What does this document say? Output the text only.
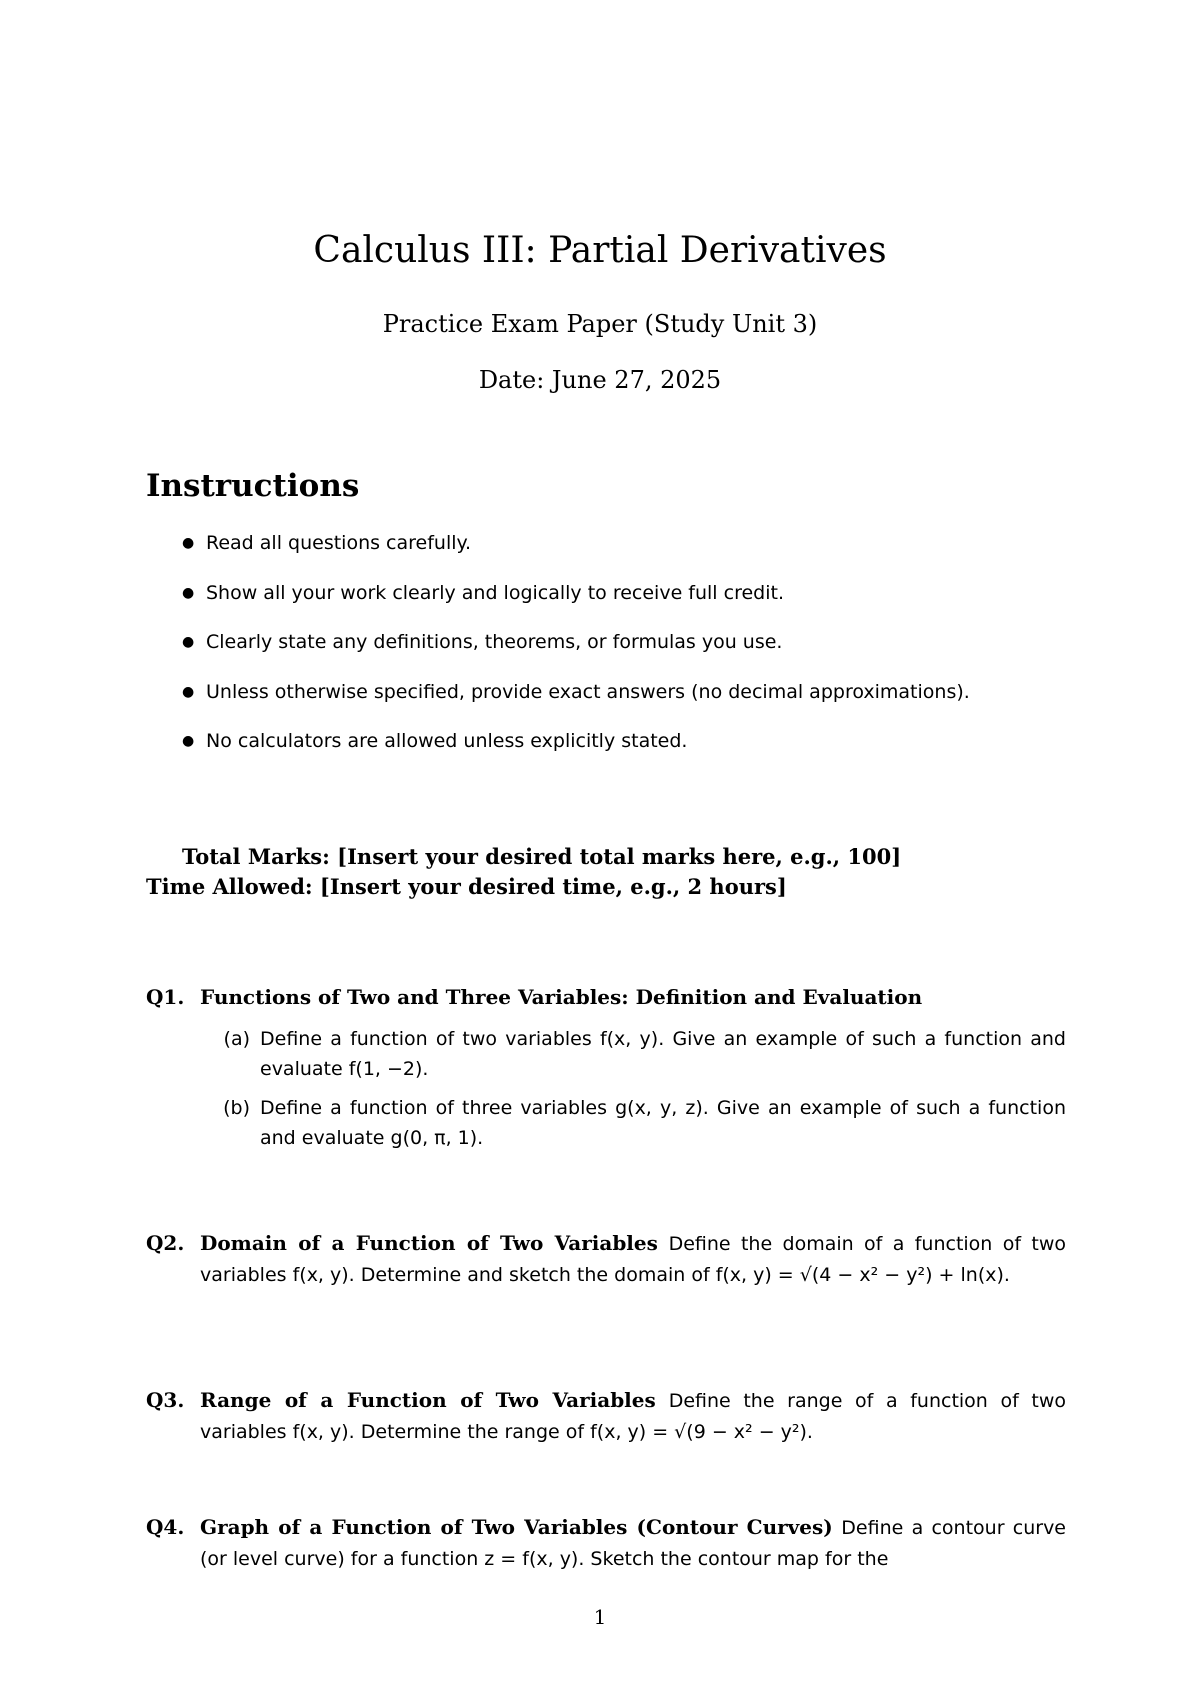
Calculus III: Partial Derivatives
Practice Exam Paper (Study Unit 3)
Date: June 27, 2025
Instructions
● Read all questions carefully.
● Show all your work clearly and logically to receive full credit.
● Clearly state any definitions, theorems, or formulas you use.
● Unless otherwise specified, provide exact answers (no decimal approximations).
● No calculators are allowed unless explicitly stated.
Total Marks: [Insert your desired total marks here, e.g., 100]
Time Allowed: [Insert your desired time, e.g., 2 hours]
Q1. Functions of Two and Three Variables: Definition and Evaluation
(a) Define a function of two variables f(x, y). Give an example of such a function and evaluate f(1, −2).
(b) Define a function of three variables g(x, y, z). Give an example of such a function and evaluate g(0, π, 1).
Q2. Domain of a Function of Two Variables Define the domain of a function of two variables f(x, y). Determine and sketch the domain of f(x, y) = √(4 − x² − y²) + ln(x).
Q3. Range of a Function of Two Variables Define the range of a function of two variables f(x, y). Determine the range of f(x, y) = √(9 − x² − y²).
Q4. Graph of a Function of Two Variables (Contour Curves) Define a contour curve (or level curve) for a function z = f(x, y). Sketch the contour map for the
1
